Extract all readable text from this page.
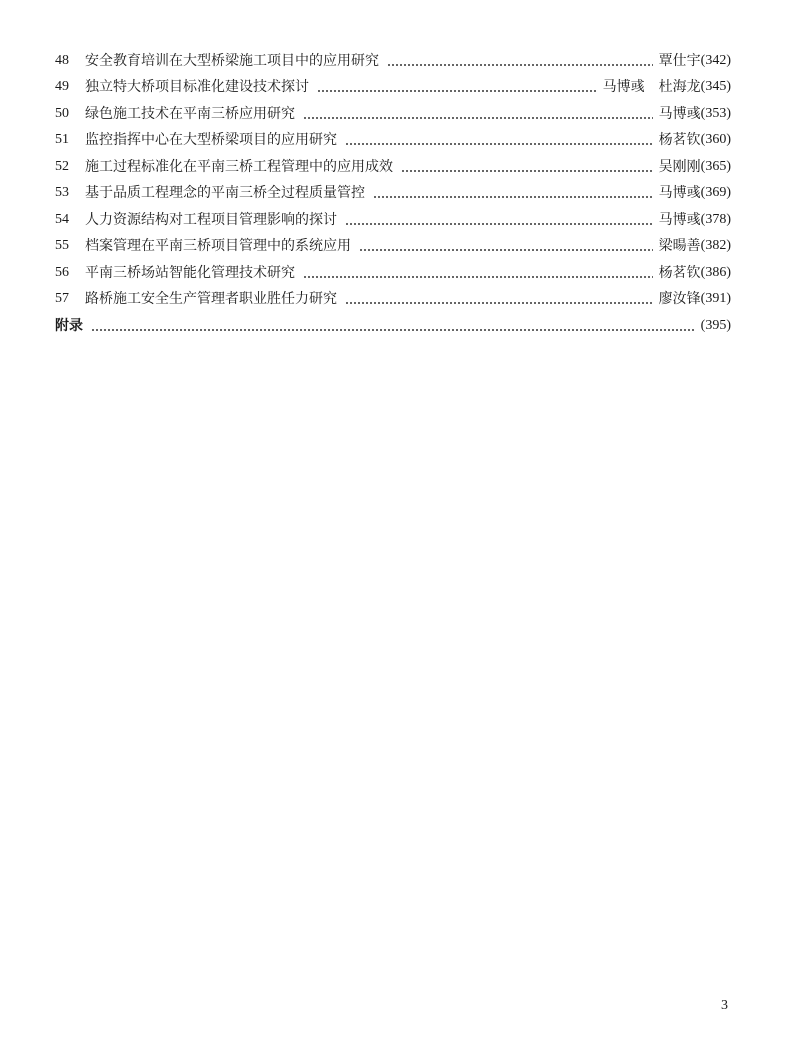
48	安全教育培训在大型桥梁施工项目中的应用研究	覃仕宇 (342)
49	独立特大桥项目标准化建设技术探讨	马博彧 杜海龙 (345)
50	绿色施工技术在平南三桥应用研究	马博彧 (353)
51	监控指挥中心在大型桥梁项目的应用研究	杨茗钦 (360)
52	施工过程标准化在平南三桥工程管理中的应用成效	吴刚刚 (365)
53	基于品质工程理念的平南三桥全过程质量管控	马博彧 (369)
54	人力资源结构对工程项目管理影响的探讨	马博彧 (378)
55	档案管理在平南三桥项目管理中的系统应用	梁暘善 (382)
56	平南三桥场站智能化管理技术研究	杨茗钦 (386)
57	路桥施工安全生产管理者职业胜任力研究	廖汝锋 (391)
附录	(395)
3
